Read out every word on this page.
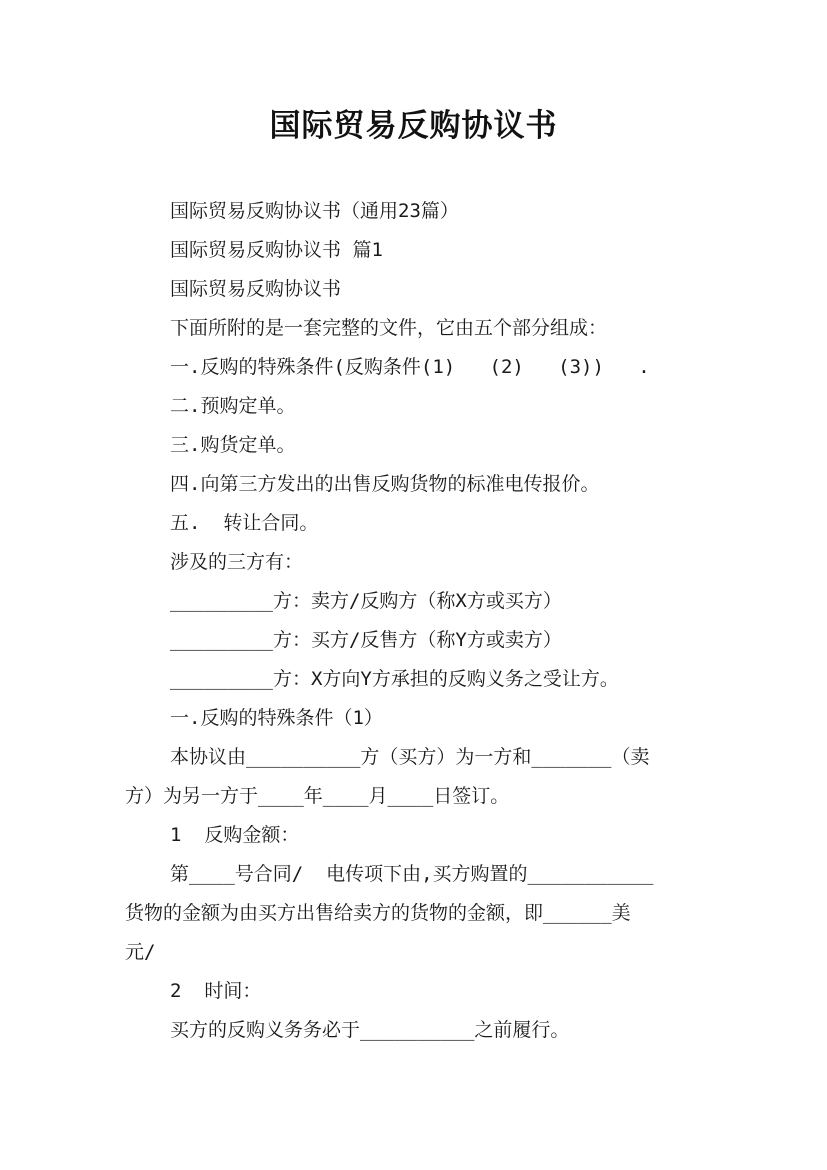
国际贸易反购协议书
国际贸易反购协议书（通用23篇）
国际贸易反购协议书 篇1
国际贸易反购协议书
下面所附的是一套完整的文件，它由五个部分组成：
一.反购的特殊条件(反购条件(1)   (2)   (3))   .
二.预购定单。
三.购货定单。
四.向第三方发出的出售反购货物的标准电传报价。
五.  转让合同。
涉及的三方有：
_________方：卖方/反购方（称X方或买方）
_________方：买方/反售方（称Y方或卖方）
_________方：X方向Y方承担的反购义务之受让方。
一.反购的特殊条件（1）
本协议由__________方（买方）为一方和_______（卖
方）为另一方于____年____月____日签订。
1  反购金额：
第____号合同/  电传项下由,买方购置的___________
货物的金额为由买方出售给卖方的货物的金额，即______美
元/
2  时间：
买方的反购义务务必于__________之前履行。
